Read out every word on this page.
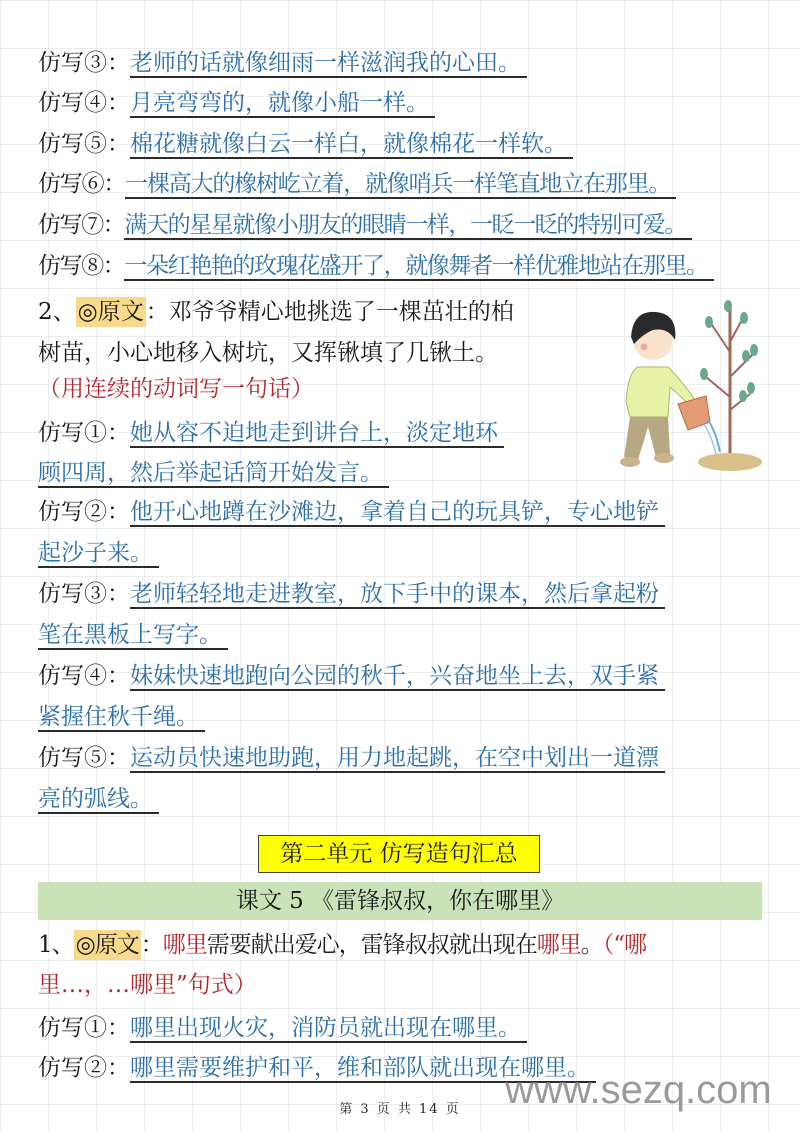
仿写③：老师的话就像细雨一样滋润我的心田。
仿写④：月亮弯弯的，就像小船一样。
仿写⑤：棉花糖就像白云一样白，就像棉花一样软。
仿写⑥：一棵高大的橡树屹立着，就像哨兵一样笔直地立在那里。
仿写⑦：满天的星星就像小朋友的眼睛一样，一眨一眨的特别可爱。
仿写⑧：一朵红艳艳的玫瑰花盛开了，就像舞者一样优雅地站在那里。
2、◎原文：邓爷爷精心地挑选了一棵茁壮的柏
树苗，小心地移入树坑，又挥锹填了几锹土。
（用连续的动词写一句话）
仿写①：她从容不迫地走到讲台上，淡定地环
顾四周，然后举起话筒开始发言。
仿写②：他开心地蹲在沙滩边，拿着自己的玩具铲，专心地铲
起沙子来。
仿写③：老师轻轻地走进教室，放下手中的课本，然后拿起粉
笔在黑板上写字。
仿写④：妹妹快速地跑向公园的秋千，兴奋地坐上去，双手紧
紧握住秋千绳。
仿写⑤：运动员快速地助跑，用力地起跳，在空中划出一道漂
亮的弧线。
第二单元 仿写造句汇总
课文 5 《雷锋叔叔，你在哪里》
1、◎原文：哪里需要献出爱心，雷锋叔叔就出现在哪里。（“哪
里…，…哪里”句式）
仿写①：哪里出现火灾，消防员就出现在哪里。
仿写②：哪里需要维护和平，维和部队就出现在哪里。
www.sezq.com
第 3 页 共 14 页
